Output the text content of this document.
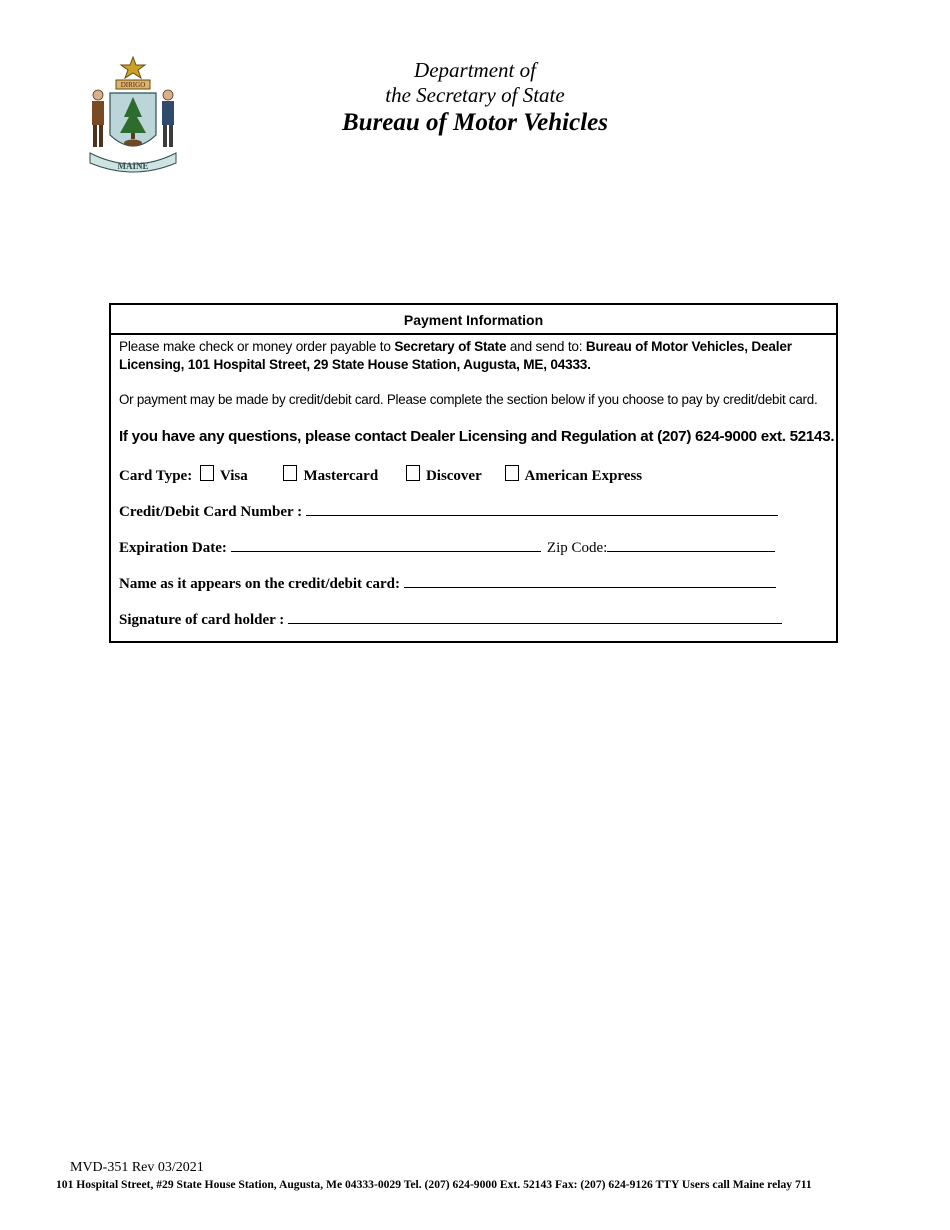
DIRIGO
MAINE
Department of
the Secretary of State
Bureau of Motor Vehicles
Payment Information
Please make check or money order payable to Secretary of State and send to: Bureau of Motor Vehicles, Dealer Licensing, 101 Hospital Street, 29 State House Station, Augusta, ME, 04333.
Or payment may be made by credit/debit card. Please complete the section below if you choose to pay by credit/debit card.
If you have any questions, please contact Dealer Licensing and Regulation at (207) 624-9000 ext. 52143.
Card Type: Visa	Mastercard	Discover	American Express
Credit/Debit Card Number :
Expiration Date:	Zip Code:
Name as it appears on the credit/debit card:
Signature of card holder :
MVD-351 Rev 03/2021
101 Hospital Street, #29 State House Station, Augusta, Me 04333-0029 Tel. (207) 624-9000 Ext. 52143 Fax: (207) 624-9126 TTY Users call Maine relay 711
